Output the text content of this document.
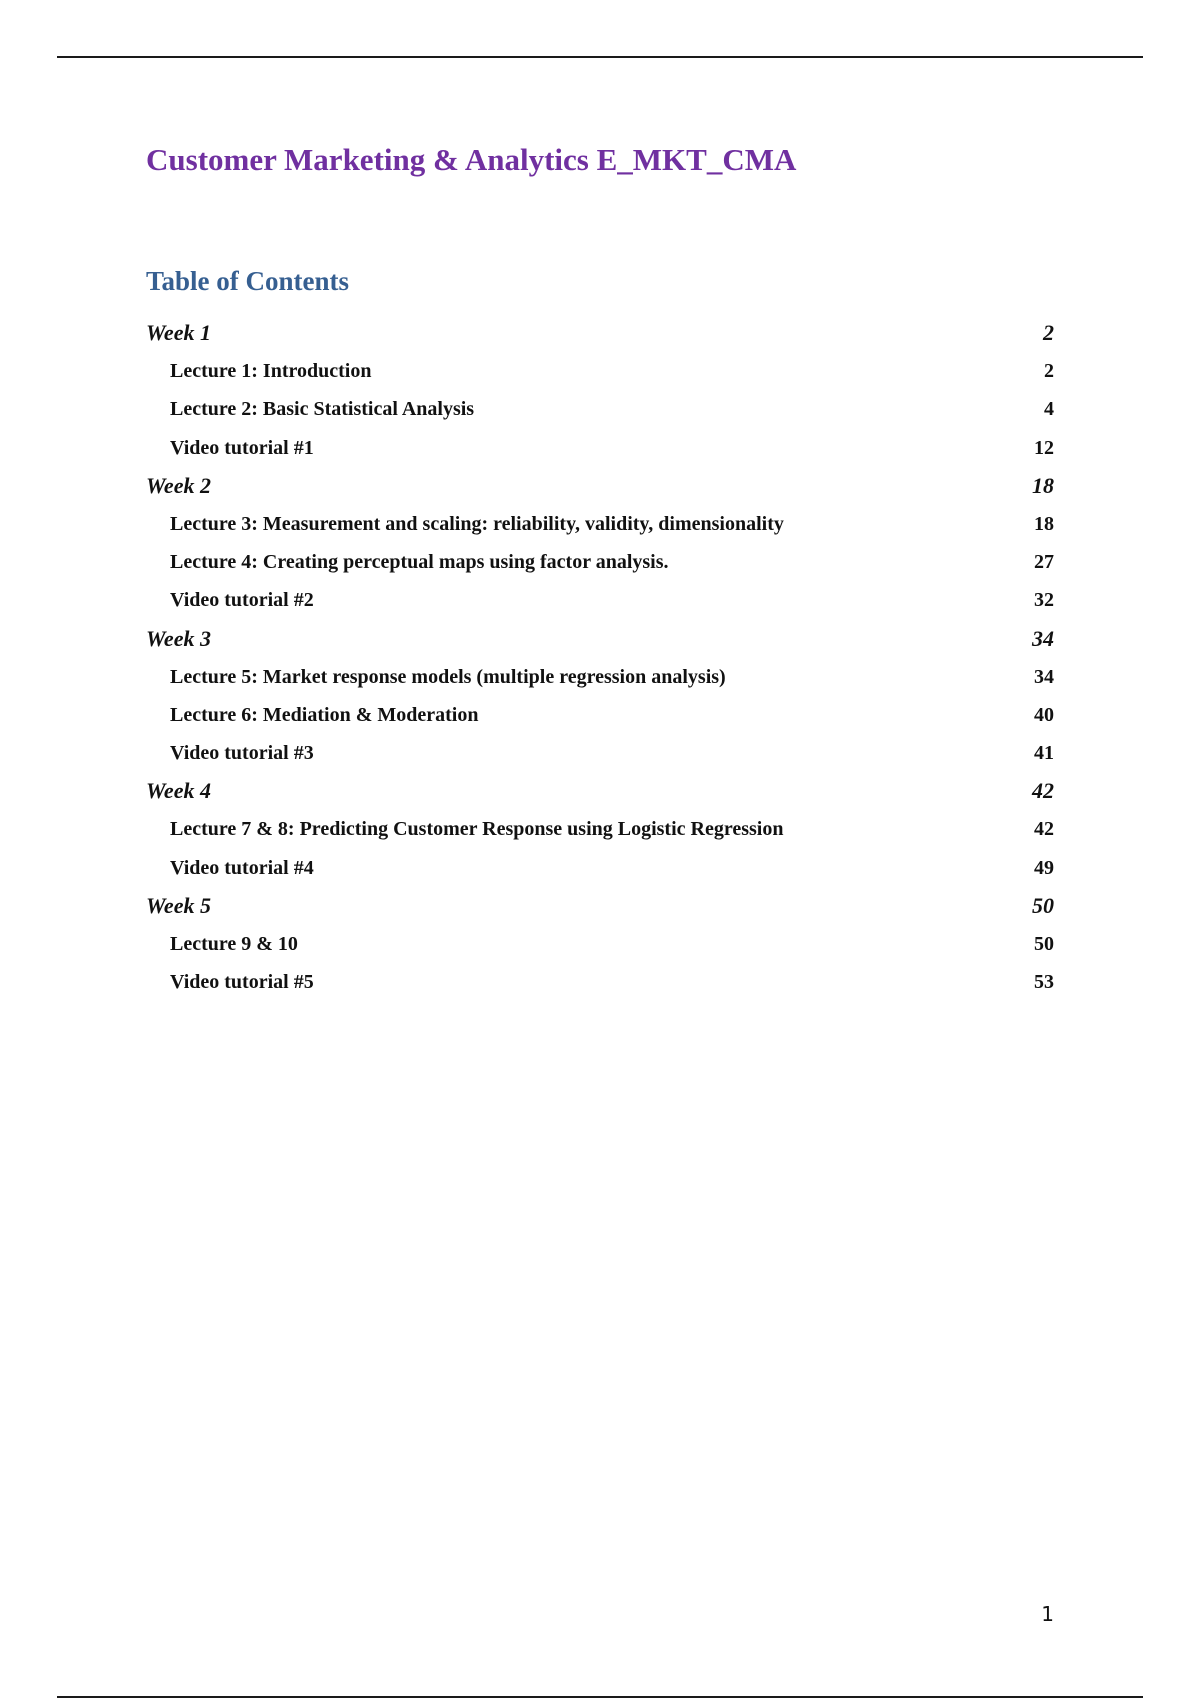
Customer Marketing & Analytics E_MKT_CMA
Table of Contents
Week 1	2
Lecture 1: Introduction	2
Lecture 2: Basic Statistical Analysis	4
Video tutorial #1	12
Week 2	18
Lecture 3: Measurement and scaling: reliability, validity, dimensionality	18
Lecture 4: Creating perceptual maps using factor analysis.	27
Video tutorial #2	32
Week 3	34
Lecture 5: Market response models (multiple regression analysis)	34
Lecture 6: Mediation & Moderation	40
Video tutorial #3	41
Week 4	42
Lecture 7 & 8: Predicting Customer Response using Logistic Regression	42
Video tutorial #4	49
Week 5	50
Lecture 9 & 10	50
Video tutorial #5	53
1
